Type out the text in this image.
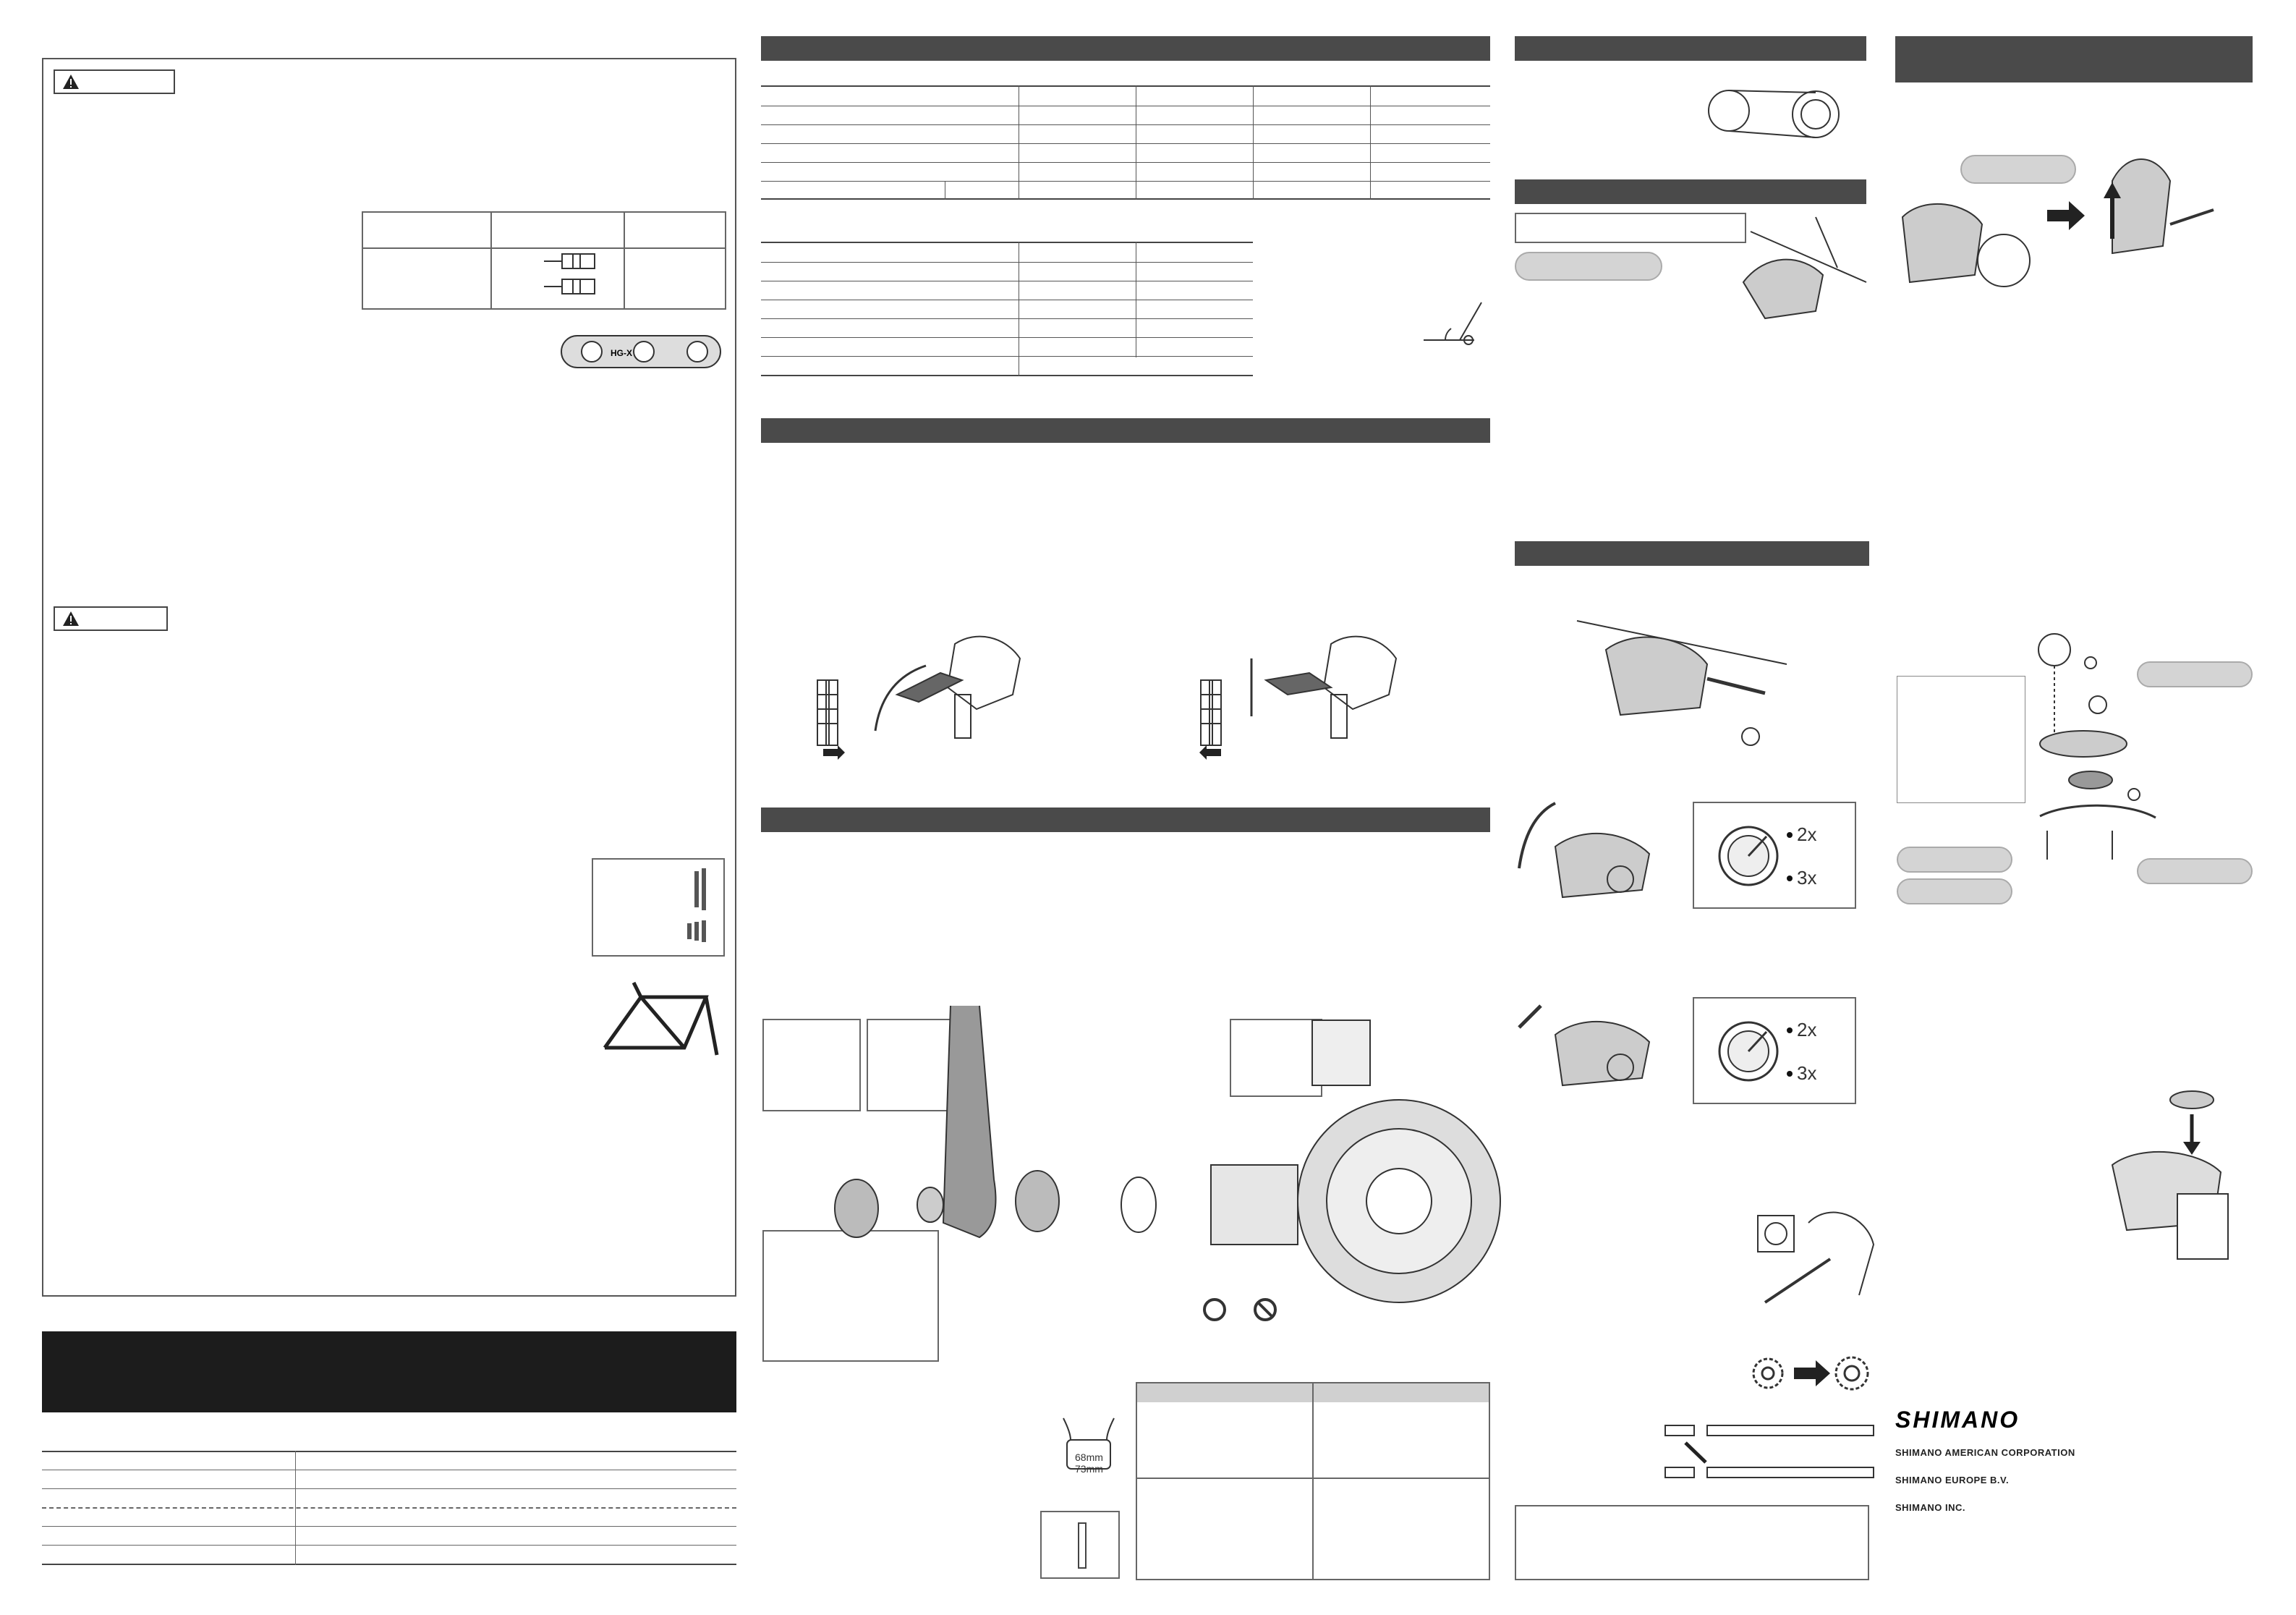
HG-X
68mm
73mm
2x
3x
2x
3x
SHIMANO
SHIMANO AMERICAN CORPORATION
SHIMANO EUROPE B.V.
SHIMANO INC.
